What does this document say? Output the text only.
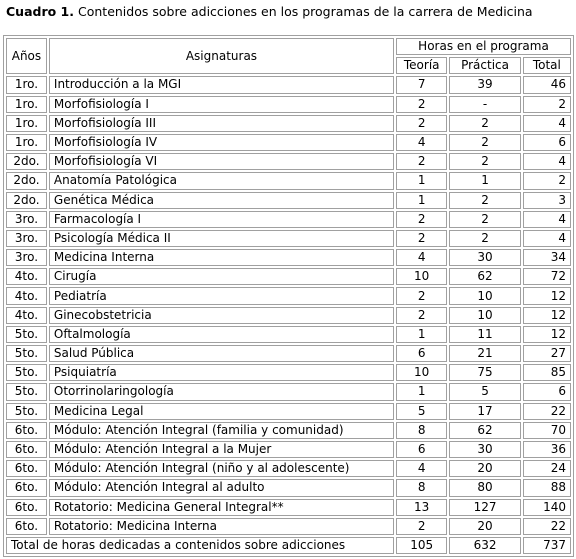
Cuadro 1. Contenidos sobre adicciones en los programas de la carrera de Medicina
Años	Asignaturas	Horas en el programa		
		Teoría	Práctica	Total
1ro.	Introducción a la MGI	7	39	46
1ro.	Morfofisiología I	2	-	2
1ro.	Morfofisiología III	2	2	4
1ro.	Morfofisiología IV	4	2	6
2do.	Morfofisiología VI	2	2	4
2do.	Anatomía Patológica	1	1	2
2do.	Genética Médica	1	2	3
3ro.	Farmacología I	2	2	4
3ro.	Psicología Médica II	2	2	4
3ro.	Medicina Interna	4	30	34
4to.	Cirugía	10	62	72
4to.	Pediatría	2	10	12
4to.	Ginecobstetricia	2	10	12
5to.	Oftalmología	1	11	12
5to.	Salud Pública	6	21	27
5to.	Psiquiatría	10	75	85
5to.	Otorrinolaringología	1	5	6
5to.	Medicina Legal	5	17	22
6to.	Módulo: Atención Integral (familia y comunidad)	8	62	70
6to.	Módulo: Atención Integral a la Mujer	6	30	36
6to.	Módulo: Atención Integral (niño y al adolescente)	4	20	24
6to.	Módulo: Atención Integral al adulto	8	80	88
6to.	Rotatorio: Medicina General Integral**	13	127	140
6to.	Rotatorio: Medicina Interna	2	20	22
Total de horas dedicadas a contenidos sobre adicciones		105	632	737
